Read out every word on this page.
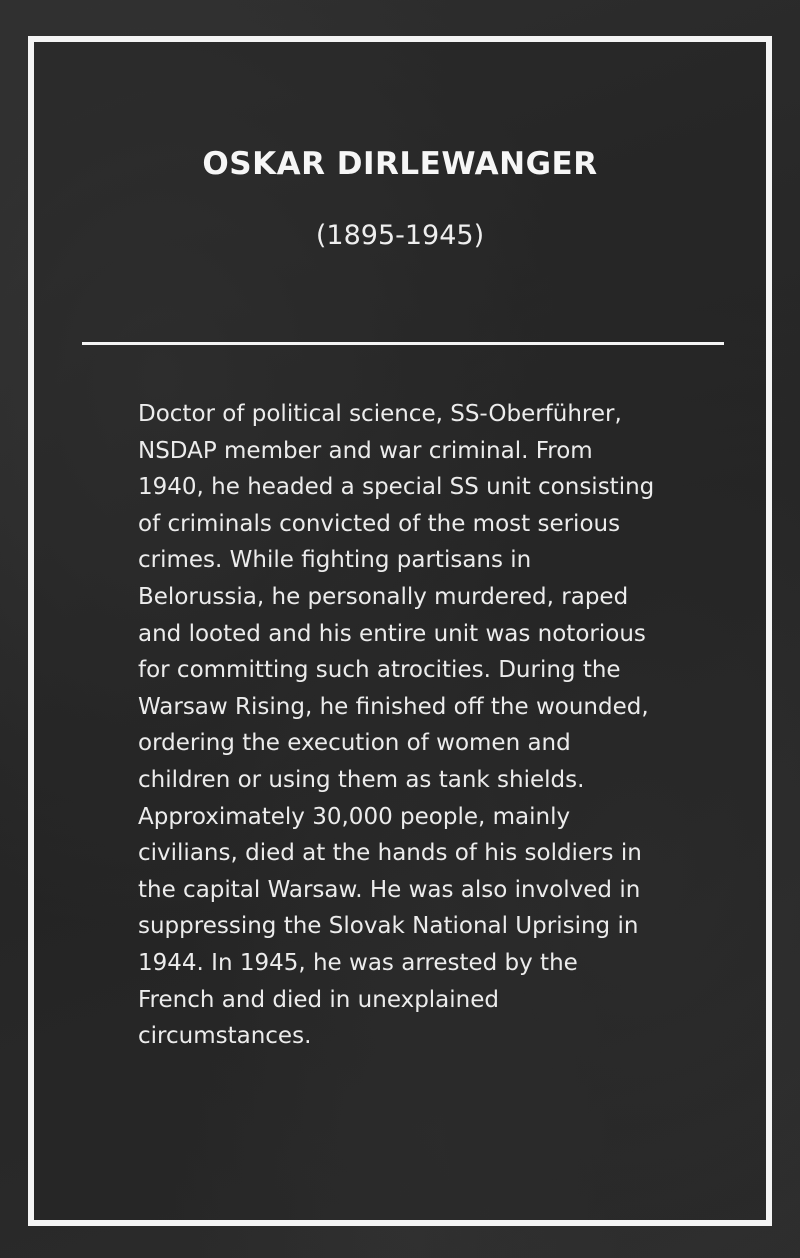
OSKAR DIRLEWANGER

(1895-1945)

Doctor of political science, SS-Oberführer, NSDAP member and war criminal. From 1940, he headed a special SS unit consisting of criminals convicted of the most serious crimes. While fighting partisans in Belorussia, he personally murdered, raped and looted and his entire unit was notorious for committing such atrocities. During the Warsaw Rising, he finished off the wounded, ordering the execution of women and children or using them as tank shields. Approximately 30,000 people, mainly civilians, died at the hands of his soldiers in the capital Warsaw. He was also involved in suppressing the Slovak National Uprising in 1944. In 1945, he was arrested by the French and died in unexplained circumstances.
